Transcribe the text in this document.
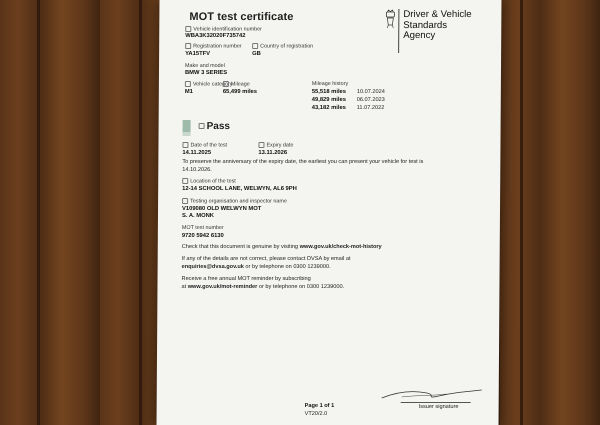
MOT test certificate	Driver & Vehicle
Standards
Agency
Vehicle identification number
WBA3K32020F735742
Registration number
YA15TFV
Country of registration
GB
Make and model
BMW 3 SERIES
Vehicle category
M1
Mileage
65,499 miles
Mileage history
55,518 miles 10.07.2024
49,829 miles 06.07.2023
43,182 miles 11.07.2022
Pass
Date of the test
14.11.2025
Expiry date
13.11.2026
To preserve the anniversary of the expiry date, the earliest you can present your vehicle for test is
14.10.2026.
Location of the test
12-14 SCHOOL LANE, WELWYN, AL6 9PH
Testing organisation and inspector name
V109080 OLD WELWYN MOT
S. A. MONK
MOT test number
9720 5942 6130
Check that this document is genuine by visiting www.gov.uk/check-mot-history
If any of the details are not correct, please contact DVSA by email at
enquiries@dvsa.gov.uk or by telephone on 0300 1239000.
Receive a free annual MOT reminder by subscribing
at www.gov.uk/mot-reminder or by telephone on 0300 1239000.
Page 1 of 1
VT20/2.0
Issuer signature
